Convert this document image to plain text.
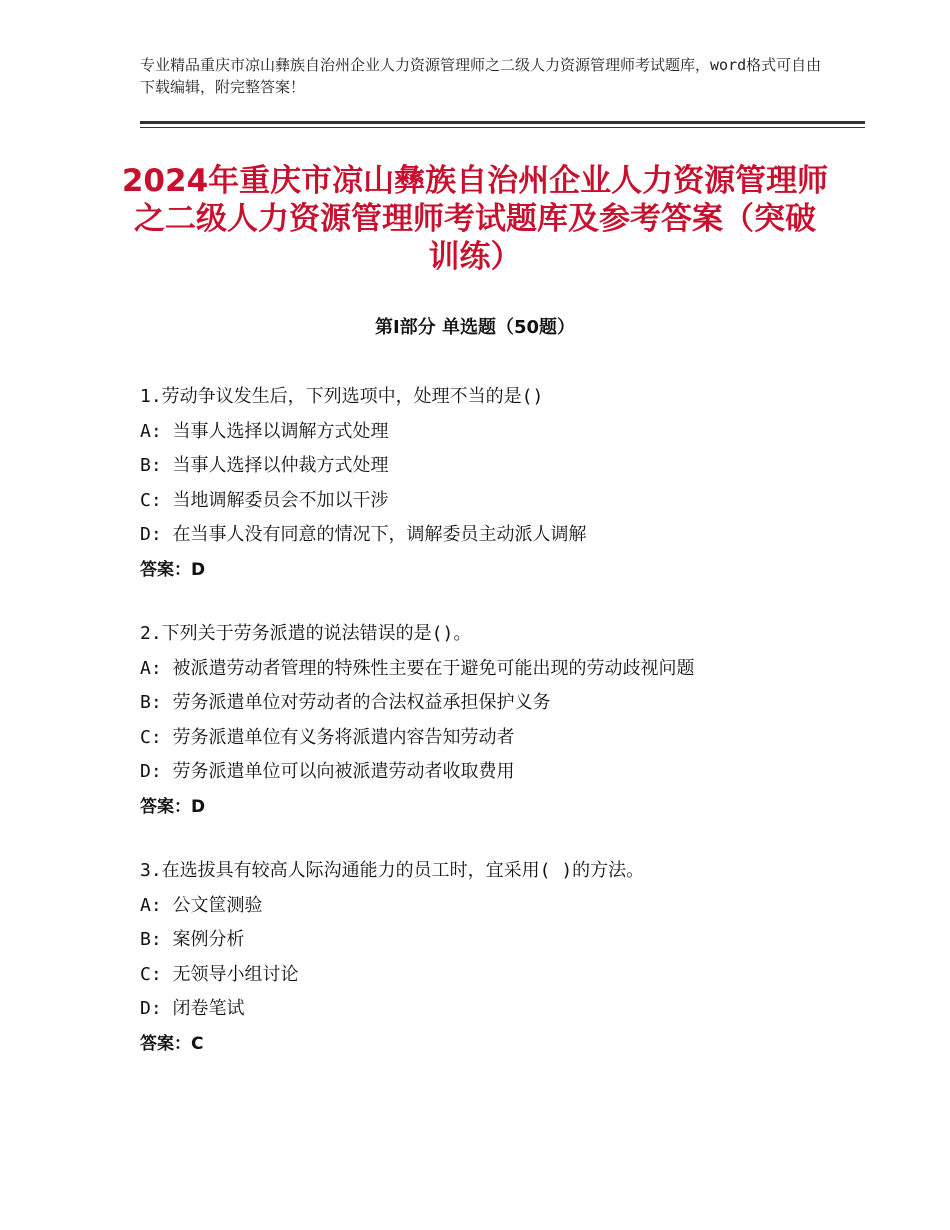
专业精品重庆市凉山彝族自治州企业人力资源管理师之二级人力资源管理师考试题库，word格式可自由下载编辑，附完整答案！
2024年重庆市凉山彝族自治州企业人力资源管理师之二级人力资源管理师考试题库及参考答案（突破训练）
第Ⅰ部分 单选题（50题）
1.劳动争议发生后，下列选项中，处理不当的是()
A: 当事人选择以调解方式处理
B: 当事人选择以仲裁方式处理
C: 当地调解委员会不加以干涉
D: 在当事人没有同意的情况下，调解委员主动派人调解
答案：D
2.下列关于劳务派遣的说法错误的是()。
A: 被派遣劳动者管理的特殊性主要在于避免可能出现的劳动歧视问题
B: 劳务派遣单位对劳动者的合法权益承担保护义务
C: 劳务派遣单位有义务将派遣内容告知劳动者
D: 劳务派遣单位可以向被派遣劳动者收取费用
答案：D
3.在选拔具有较高人际沟通能力的员工时，宜采用( )的方法。
A: 公文筐测验
B: 案例分析
C: 无领导小组讨论
D: 闭卷笔试
答案：C
